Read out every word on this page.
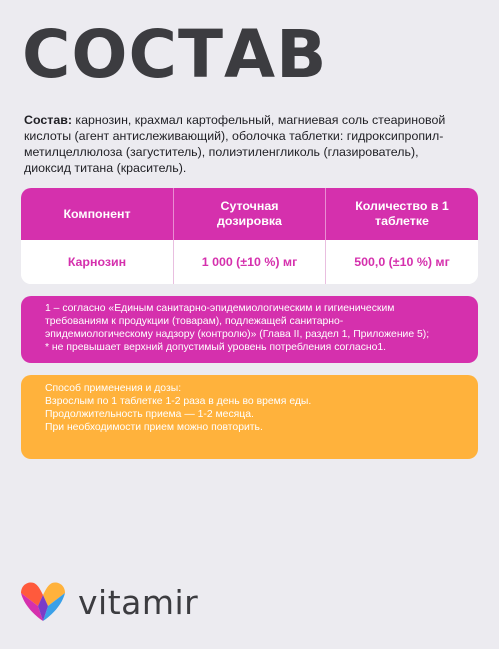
СОСТАВ
Состав: карнозин, крахмал картофельный, магниевая соль стеариновой
кислоты (агент антислеживающий), оболочка таблетки: гидроксипропил-
метилцеллюлоза (загуститель), полиэтиленгликоль (глазирователь),
диоксид титана (краситель).
Компонент
Суточная дозировка
Количество в 1 таблетке
Карнозин	1 000 (±10 %) мг	500,0 (±10 %) мг
1 – согласно «Единым санитарно-эпидемиологическим и гигиеническим
требованиям к продукции (товарам), подлежащей санитарно-
эпидемиологическому надзору (контролю)» (Глава II, раздел 1, Приложение 5);
* не превышает верхний допустимый уровень потребления согласно1.
Способ применения и дозы:
Взрослым по 1 таблетке 1-2 раза в день во время еды.
Продолжительность приема — 1-2 месяца.
При необходимости прием можно повторить.
vitamir
